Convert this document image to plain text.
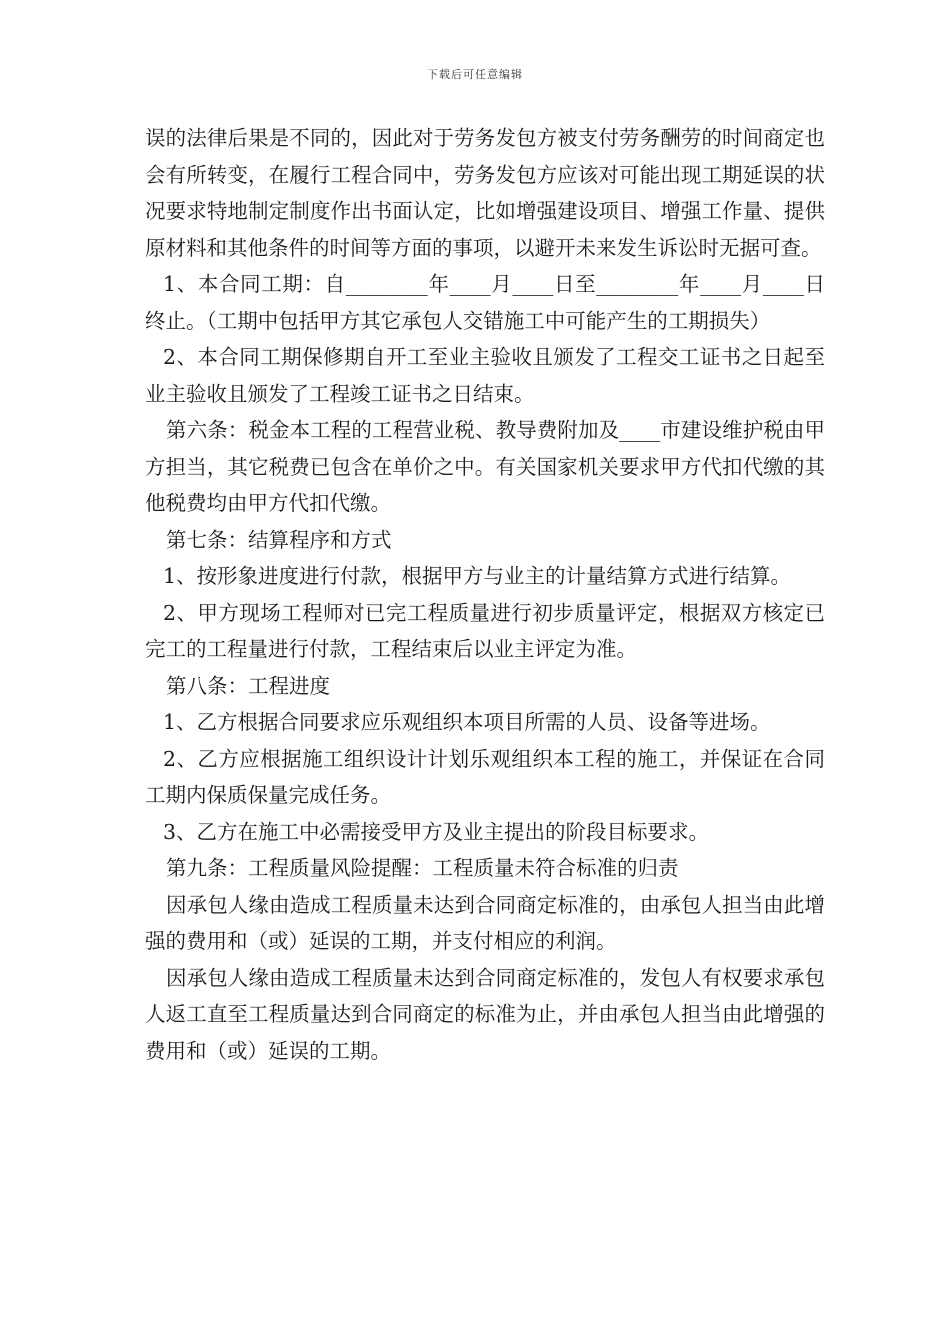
下载后可任意编辑

误的法律后果是不同的，因此对于劳务发包方被支付劳务酬劳的时间商定也会有所转变，在履行工程合同中，劳务发包方应该对可能出现工期延误的状况要求特地制定制度作出书面认定，比如增强建设项目、增强工作量、提供原材料和其他条件的时间等方面的事项，以避开未来发生诉讼时无据可查。

1、本合同工期：自________年____月____日至________年____月____日终止。（工期中包括甲方其它承包人交错施工中可能产生的工期损失）

2、本合同工期保修期自开工至业主验收且颁发了工程交工证书之日起至业主验收且颁发了工程竣工证书之日结束。

第六条：税金本工程的工程营业税、教导费附加及____市建设维护税由甲方担当，其它税费已包含在单价之中。有关国家机关要求甲方代扣代缴的其他税费均由甲方代扣代缴。

第七条：结算程序和方式

1、按形象进度进行付款，根据甲方与业主的计量结算方式进行结算。

2、甲方现场工程师对已完工程质量进行初步质量评定，根据双方核定已完工的工程量进行付款，工程结束后以业主评定为准。

第八条：工程进度

1、乙方根据合同要求应乐观组织本项目所需的人员、设备等进场。

2、乙方应根据施工组织设计计划乐观组织本工程的施工，并保证在合同工期内保质保量完成任务。

3、乙方在施工中必需接受甲方及业主提出的阶段目标要求。

第九条：工程质量风险提醒：工程质量未符合标准的归责

因承包人缘由造成工程质量未达到合同商定标准的，由承包人担当由此增强的费用和（或）延误的工期，并支付相应的利润。

因承包人缘由造成工程质量未达到合同商定标准的，发包人有权要求承包人返工直至工程质量达到合同商定的标准为止，并由承包人担当由此增强的费用和（或）延误的工期。
